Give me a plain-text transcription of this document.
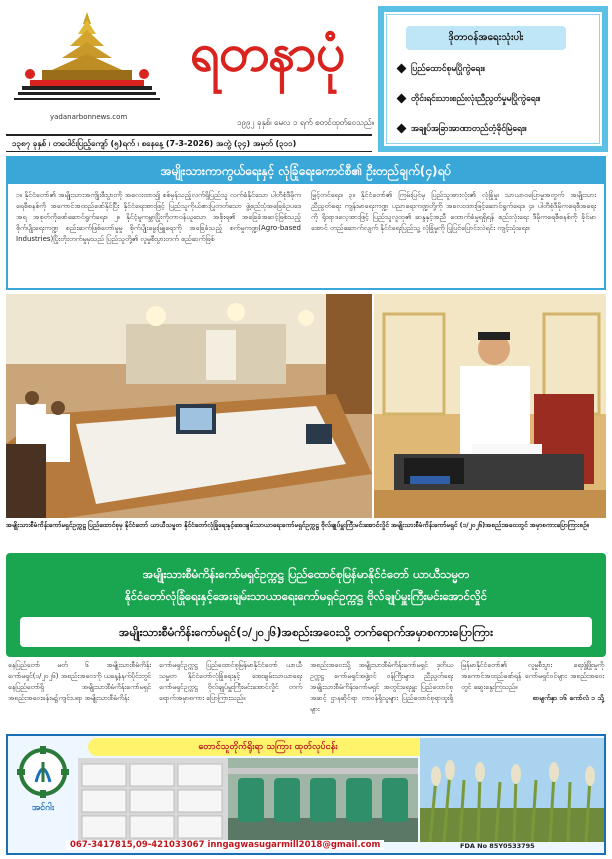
yadanarbonnews.com
ရတနာပုံ
၁၉၉၂ ခုနှစ်၊ မေလ ၁ ရက် စတင်ထုတ်ဝေသည်။
ဒိုတာဝန်အရေးသုံးပါး
ပြည်ထောင်စုမပြိုကွဲရေး။
တိုင်းရင်းသားစည်းလုံးညီညွတ်မှုမပြိုကွဲရေး။
အချုပ်အခြာအာဏာတည်တံ့ခိုင်မြဲရေး။
၁၃၈၇ ခုနှစ် ၊ တပေါင်းပြည့်ကျော် (၅)ရက် ၊ စနေနေ့ (7-3-2026) အတွဲ (၃၄) အမှတ် (၃၁၁)
အမျိုးသားကာကွယ်ရေးနှင့် လုံခြုံရေးကောင်စီ၏ ဦးတည်ချက်(၄)ရပ်

၁။ နိုင်ငံတော်၏ အမျိုးသားအကျိုးစီးပွားကို အလေးထား၍ စစ်မှန်သည့်လက်ရှိပြည်သူ လက်ခံနိုင်သော ပါတီစုံဒီမိုကရေစီစနစ်ကို အကောင်အထည်ဖော်နိုင်ပြီး နိုင်ငံရေးအားဖြင့် ပြည်သူကိုယ်စားပြုတတ်သော ဖွဲ့စည်းပုံအခြေခံဥပဒေအရ အစုတ်ကိုဖော်ဆောင်ရွက်ရေး။ ၂။ နိုင်ငံ့မူကမ္ဘာပြိုးကိုတာဝန်ယူသော အစိုးရ၏ အခြေခံအဆင့်ဖြစ်သည့် စိုက်ပျိုးရေးကဏ္ဍ စည်းဆက်ဖြစ်တော်မူမှု စိုက်ပျိုးမွေးမြူရေးကို အခြေခံသည့် စက်မှုကဏ္ဍ(Agro-based Industries)ပြိုးတိုးတက်မှုမှသည် ပြည်သူတို့၏ လူမှုစီးပွားတက် စည်ဆက်ဖြစ်

မြှင့်တင်ရေး။ ၃။ နိုင်ငံတော်၏ ကြမ်းပြင်မှ ပြည်သူအားလုံး၏ လုံခြုံမှု၊ သာယာဝပြောမှုအတွက် အမျိုးသားညီညွတ်ရေး ကျန်းမာရေးကဏ္ဍ ပညာရေးကဏ္ဍတို့ကို အလေးထားဖြင့်ဆောင်ရွက်ရေး။ ၄။ ပါတီစုံဒီမိုကရေစီအရေးကို ရိုးရာဒလေ့အားဖြင့် ပြည်သူလူထု၏ ဆန္ဒနှင့်အညီ ထောက်ခံမှုရရှိရန် စည်းလုံးရေး ဒီမိုကရေစီစနစ်ကို ခိုင်မာအောင် တည်ဆောက်လျက် နိုင်ငံရေးပြည်သူ့ လုံခြုံမှုကို ပြုပြင်ပြောင်းလဲရင်း ကျင့်သုံးရေး။

အမျိုးသားစီမံကိန်းကော်မရှင်ဥက္ကဋ္ဌ ပြည်ထောင်စုမှ နိုင်ငံတော် ယာယီသမ္မတ နိုင်ငံတော်လုံခြုံရေးနှင့်အေးချမ်းသာယာရေးကော်မရှင်ဥက္ကဋ္ဌ ဗိုလ်ချုပ်မှူးကြီးမင်းအောင်လှိုင် အမျိုးသားစီမံကိန်းကော်မရှင် (၁/၂၀၂၆)အစည်းအဝေးတွင် အမှာစကားပြောကြားစဉ်။
အမျိုးသားစီမံကိန်းကော်မရှင်ဥက္ကဋ္ဌ ပြည်ထောင်စုမြန်မာနိုင်ငံတော် ယာယီသမ္မတ
နိုင်ငံတော်လုံခြုံရေးနှင့်အေးချမ်းသာယာရေးကော်မရှင်ဥက္ကဋ္ဌ ဗိုလ်ချုပ်မှူးကြီးမင်းအောင်လှိုင်
အမျိုးသားစီမံကိန်းကော်မရှင်(၁/၂၀၂၆)အစည်းအဝေးသို့ တက်ရောက်အမှာစကားပြောကြား

နေပြည်တော် မတ် ၆ အမျိုးသားစီမံကိန်းကော်မရှင်(၁/၂၀၂၆) အစည်းအဝေးကို ယနေ့နံနက်ပိုင်းတွင် နေပြည်တော်ရှိ အမျိုးသားစီမံကိန်းကော်မရှင် အစည်းအဝေးခန်းမ၌ကျင်းပရာ အမျိုးသားစီမံကိန်း

ကော်မရှင်ဥက္ကဋ္ဌ ပြည်ထောင်စုမြန်မာနိုင်ငံတော် ယာယီသမ္မတ နိုင်ငံတော်လုံခြုံရေးနှင့် အေးချမ်းသာယာရေးကော်မရှင်ဥက္ကဋ္ဌ ဗိုလ်ချုပ်မှူးကြီးမင်းအောင်လှိုင် တက်ရောက်အမှာစကား ပြောကြားသည်။

အစည်းအဝေးသို့ အမျိုးသားစီမံကိန်းကော်မရှင် ဒုတိယဥက္ကဋ္ဌ ကော်မရှင်အဖွဲ့ဝင် ဝန်ကြီးများ၊ ညီညွတ်ရေးအမျိုးသားစီမံကိန်းကော်မရှင် အတွင်းရေးမှူး ပြည်ထောင်စုအဆင့် ဌာနဆိုင်ရာ တာဝန်ရှိသူများ ပြည်ထောင်စုရာထူးရှိများ

မြန်မာနိုင်ငံတော်၏ လူမှုစီးပွား ရေးဖွံ့ဖြိုးမှုကို အကောင်အထည်ဖော်ရန် ကော်မရှင်ဝင်များ အစည်းအဝေးတွင် ဆွေးနွေးကြသည်။
စာမျက်နှာ ၁၆ ကော်လံ ၁ သို့

အင်ဂါး
တောင်သူတိုက်ရိုးရာ သကြား ထုတ်လုပ်ငန်း
067-3417815,09-421033067 inngagwasugarmill2018@gmail.com	FDA No 85Y0533795
